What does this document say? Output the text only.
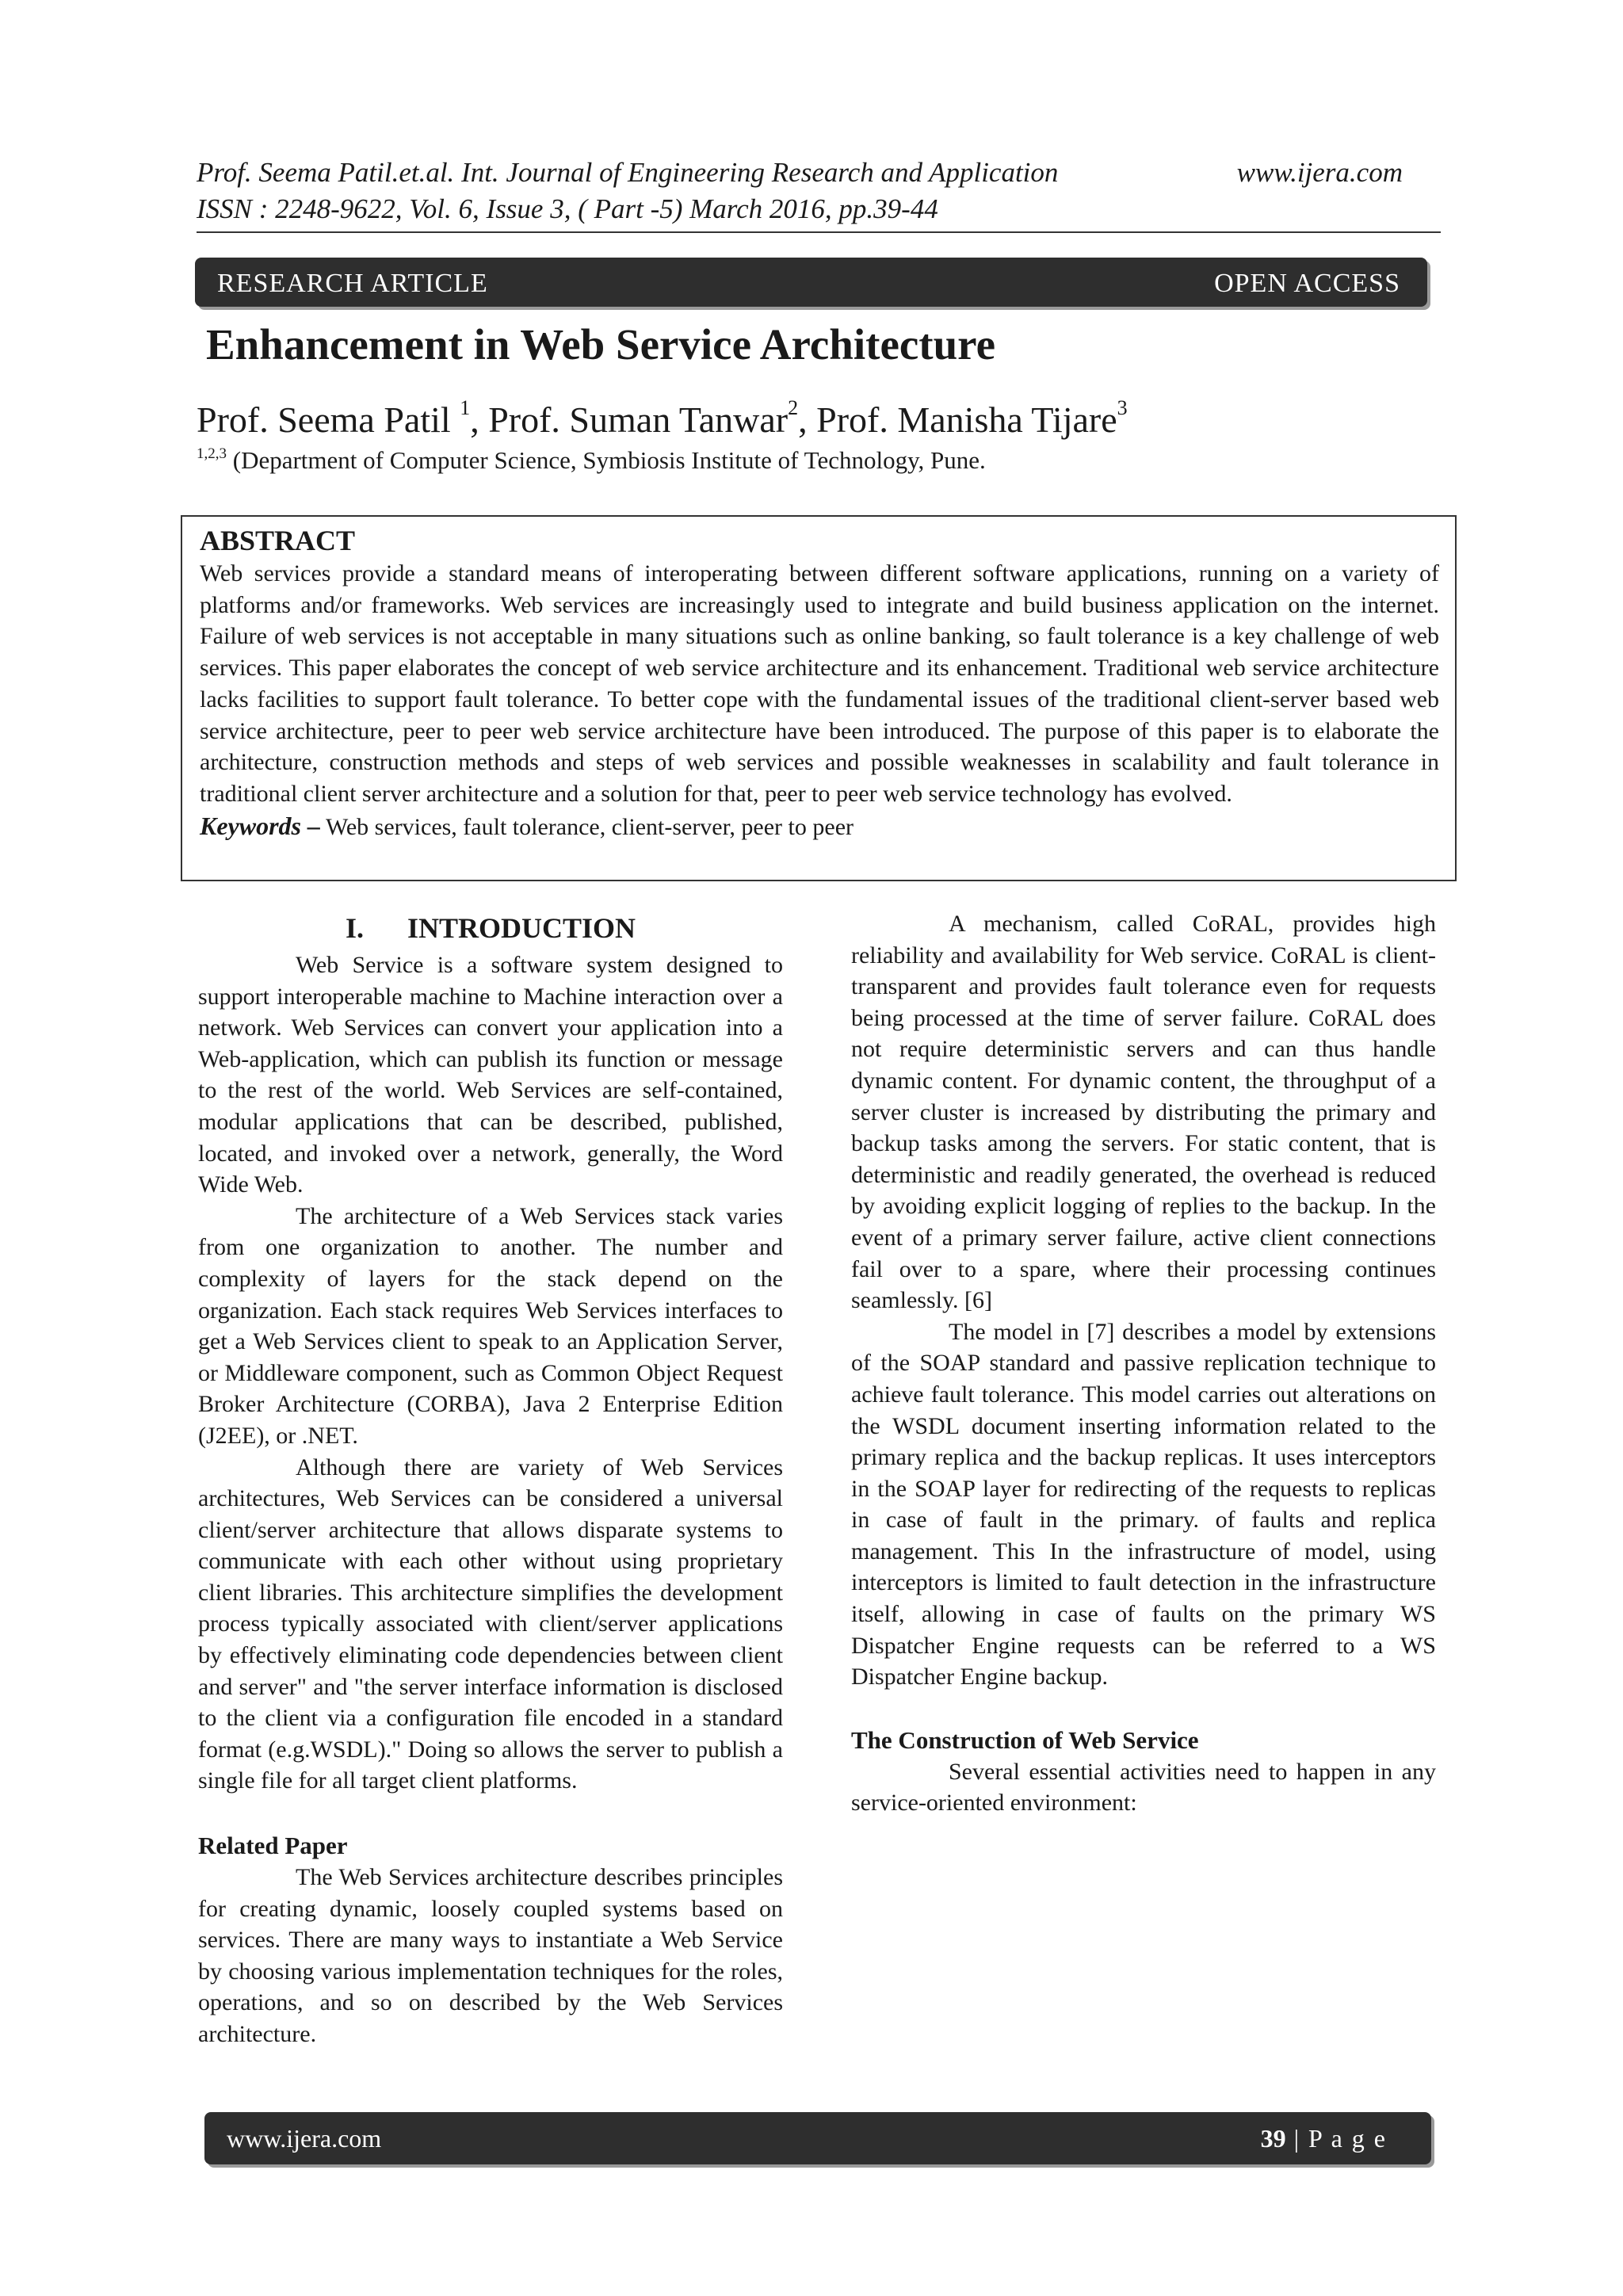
Prof. Seema Patil.et.al. Int. Journal of Engineering Research and Application
ISSN : 2248-9622, Vol. 6, Issue 3, ( Part -5) March 2016, pp.39-44
www.ijera.com
RESEARCH ARTICLE	OPEN ACCESS
Enhancement in Web Service Architecture
Prof. Seema Patil $^1$, Prof. Suman Tanwar$^2$, Prof. Manisha Tijare$^3$
$^{1,2,3}$ (Department of Computer Science, Symbiosis Institute of Technology, Pune.
ABSTRACT

Web services provide a standard means of interoperating between different software applications, running on a variety of platforms and/or frameworks. Web services are increasingly used to integrate and build business application on the internet. Failure of web services is not acceptable in many situations such as online banking, so fault tolerance is a key challenge of web services. This paper elaborates the concept of web service architecture and its enhancement. Traditional web service architecture lacks facilities to support fault tolerance. To better cope with the fundamental issues of the traditional client-server based web service architecture, peer to peer web service architecture have been introduced. The purpose of this paper is to elaborate the architecture, construction methods and steps of web services and possible weaknesses in scalability and fault tolerance in traditional client server architecture and a solution for that, peer to peer web service technology has evolved.

Keywords – Web services, fault tolerance, client-server, peer to peer
I. INTRODUCTION

Web Service is a software system designed to support interoperable machine to Machine interaction over a network. Web Services can convert your application into a Web-application, which can publish its function or message to the rest of the world. Web Services are self-contained, modular applications that can be described, published, located, and invoked over a network, generally, the Word Wide Web.

The architecture of a Web Services stack varies from one organization to another. The number and complexity of layers for the stack depend on the organization. Each stack requires Web Services interfaces to get a Web Services client to speak to an Application Server, or Middleware component, such as Common Object Request Broker Architecture (CORBA), Java 2 Enterprise Edition (J2EE), or .NET.

Although there are variety of Web Services architectures, Web Services can be considered a universal client/server architecture that allows disparate systems to communicate with each other without using proprietary client libraries. This architecture simplifies the development process typically associated with client/server applications by effectively eliminating code dependencies between client and server" and "the server interface information is disclosed to the client via a configuration file encoded in a standard format (e.g.WSDL)." Doing so allows the server to publish a single file for all target client platforms.

Related Paper

The Web Services architecture describes principles for creating dynamic, loosely coupled systems based on services. There are many ways to instantiate a Web Service by choosing various implementation techniques for the roles, operations, and so on described by the Web Services architecture.

A mechanism, called CoRAL, provides high reliability and availability for Web service. CoRAL is client-transparent and provides fault tolerance even for requests being processed at the time of server failure. CoRAL does not require deterministic servers and can thus handle dynamic content. For dynamic content, the throughput of a server cluster is increased by distributing the primary and backup tasks among the servers. For static content, that is deterministic and readily generated, the overhead is reduced by avoiding explicit logging of replies to the backup. In the event of a primary server failure, active client connections fail over to a spare, where their processing continues seamlessly. [6]

The model in [7] describes a model by extensions of the SOAP standard and passive replication technique to achieve fault tolerance. This model carries out alterations on the WSDL document inserting information related to the primary replica and the backup replicas. It uses interceptors in the SOAP layer for redirecting of the requests to replicas in case of fault in the primary. of faults and replica management. This In the infrastructure of model, using interceptors is limited to fault detection in the infrastructure itself, allowing in case of faults on the primary WS Dispatcher Engine requests can be referred to a WS Dispatcher Engine backup.

The Construction of Web Service

Several essential activities need to happen in any service-oriented environment:

www.ijera.com	39 | P a g e
